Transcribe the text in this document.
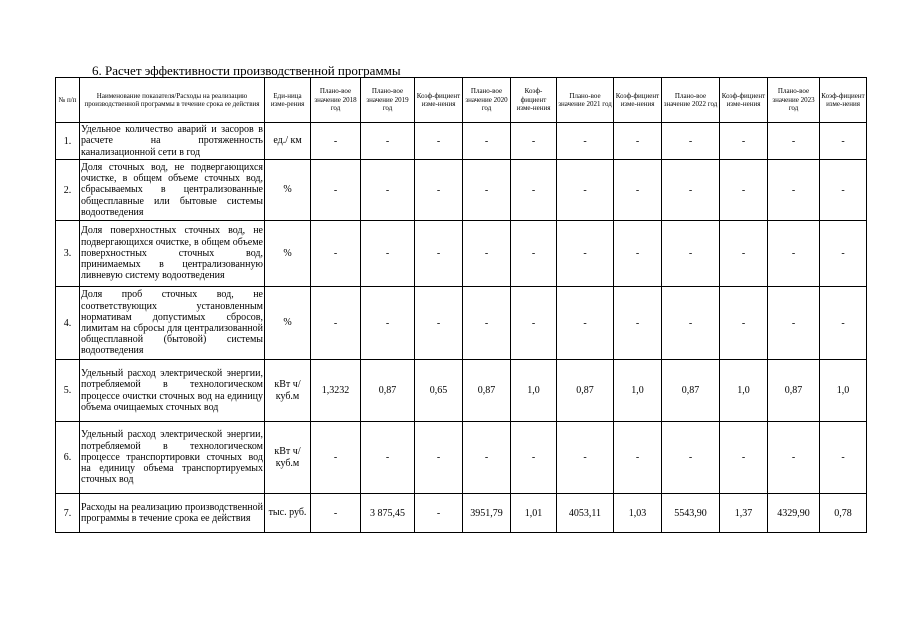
6. Расчет эффективности производственной программы
№ п/п	Наименование показателя/Расходы на реализацию производственной программы в течение срока ее действия	Еди-ница изме-рения	Плано-вое значение 2018 год	Плано-вое значение 2019 год	Коэф-фициент изме-нения	Плано-вое значение 2020 год	Коэф-фициент изме-нения	Плано-вое значение 2021 год	Коэф-фициент изме-нения	Плано-вое значение 2022 год	Коэф-фициент изме-нения	Плано-вое значение 2023 год	Коэф-фициент изме-нения
1.	Удельное количество аварий и засоров в расчете на протяженность канализационной сети в год	ед./ км	-	-	-	-	-	-	-	-	-	-	-
2.	Доля сточных вод, не подвергающихся очистке, в общем объеме сточных вод, сбрасываемых в централизованные общесплавные или бытовые системы водоотведения	%	-	-	-	-	-	-	-	-	-	-	-
3.	Доля поверхностных сточных вод, не подвергающихся очистке, в общем объеме поверхностных сточных вод, принимаемых в централизованную ливневую систему водоотведения	%	-	-	-	-	-	-	-	-	-	-	-
4.	Доля проб сточных вод, не соответствующих установленным нормативам допустимых сбросов, лимитам на сбросы для централизованной общесплавной (бытовой) системы водоотведения	%	-	-	-	-	-	-	-	-	-	-	-
5.	Удельный расход электрической энергии, потребляемой в технологическом процессе очистки сточных вод на единицу объема очищаемых сточных вод	кВт ч/куб.м	1,3232	0,87	0,65	0,87	1,0	0,87	1,0	0,87	1,0	0,87	1,0
6.	Удельный расход электрической энергии, потребляемой в технологическом процессе транспортировки сточных вод на единицу объема транспортируемых сточных вод	кВт ч/куб.м	-	-	-	-	-	-	-	-	-	-	-
7.	Расходы на реализацию производственной программы в течение срока ее действия	тыс. руб.	-	3 875,45	-	3951,79	1,01	4053,11	1,03	5543,90	1,37	4329,90	0,78
